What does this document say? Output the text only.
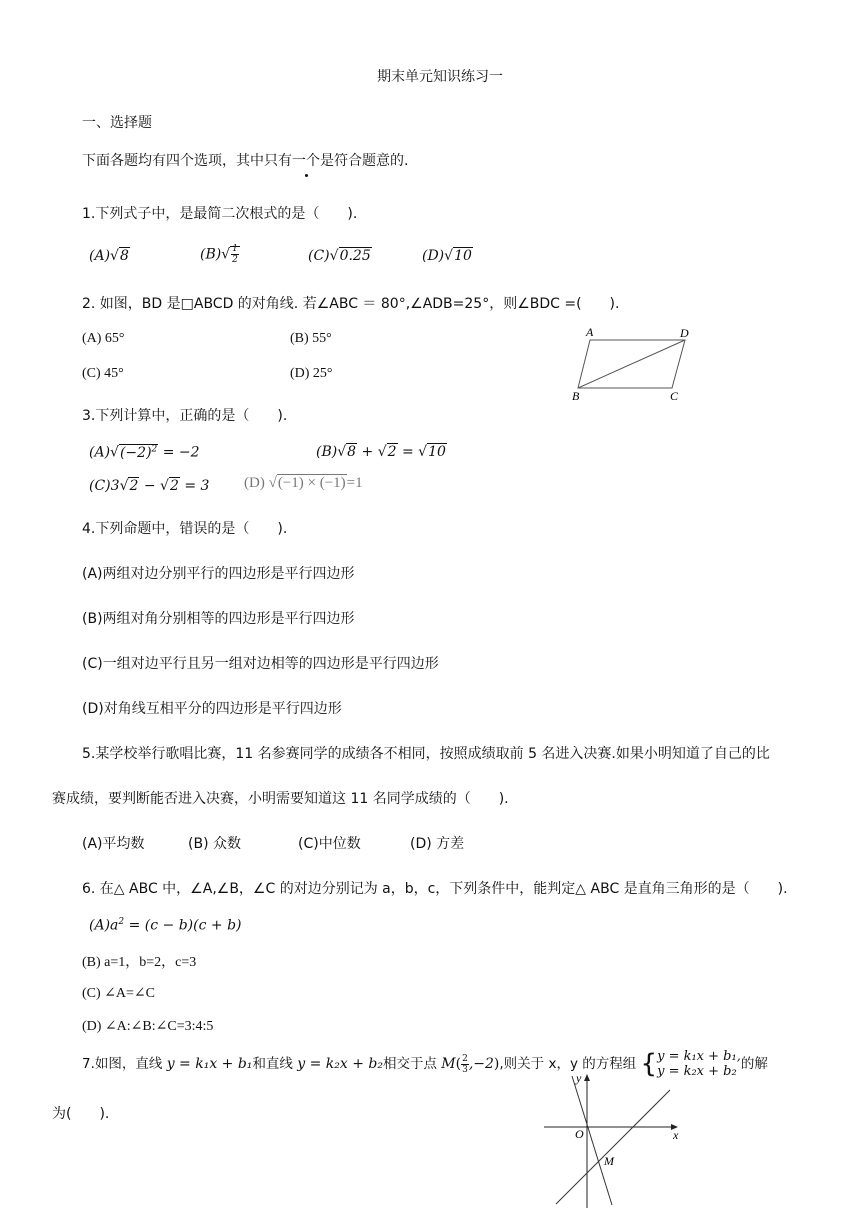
期末单元知识练习一
一、选择题
下面各题均有四个选项，其中只有一个是符合题意的.
1.下列式子中，是最简二次根式的是（　　).
(A)√8	$(B)√ \frac{1}{2}$	(C)√0.25	(D)√10
2. 如图，BD 是□ABCD 的对角线. 若∠ABC ＝ 80°,∠ADB=25°，则∠BDC =(　　).
(A) 65°	(B) 55°
(C) 45°	(D) 25°
A	D
B	C
3.下列计算中，正确的是（　　).
$(A)√(-2)^2 = -2$	(B)√8 + √2 = √10
(C)3√2 − √2 = 3 (D) √(−1) × (−1)=1
4.下列命题中，错误的是（　　).
(A)两组对边分别平行的四边形是平行四边形
(B)两组对角分别相等的四边形是平行四边形
(C)一组对边平行且另一组对边相等的四边形是平行四边形
(D)对角线互相平分的四边形是平行四边形
5.某学校举行歌唱比赛，11 名参赛同学的成绩各不相同，按照成绩取前 5 名进入决赛.如果小明知道了自己的比
赛成绩，要判断能否进入决赛，小明需要知道这 11 名同学成绩的（　　).
(A)平均数	(B) 众数	(C)中位数	(D) 方差
6. 在△ ABC 中，∠A,∠B，∠C 的对边分别记为 a，b，c，下列条件中，能判定△ ABC 是直角三角形的是（　　).
$(A)a^2 = (c - b)(c + b)$
(B) a=1，b=2，c=3
(C) ∠A=∠C
(D) ∠A:∠B:∠C=3:4:5
7.如图，直线 y = k₁x + b₁和直线 y = k₂x + b₂相交于点 $M( \frac{2}{3} ,-2)$,则关于 x，y 的方程组 { y = k₁x + b₁,
y = k₂x + b₂ 的解
为(　　).
y
O	x
M
